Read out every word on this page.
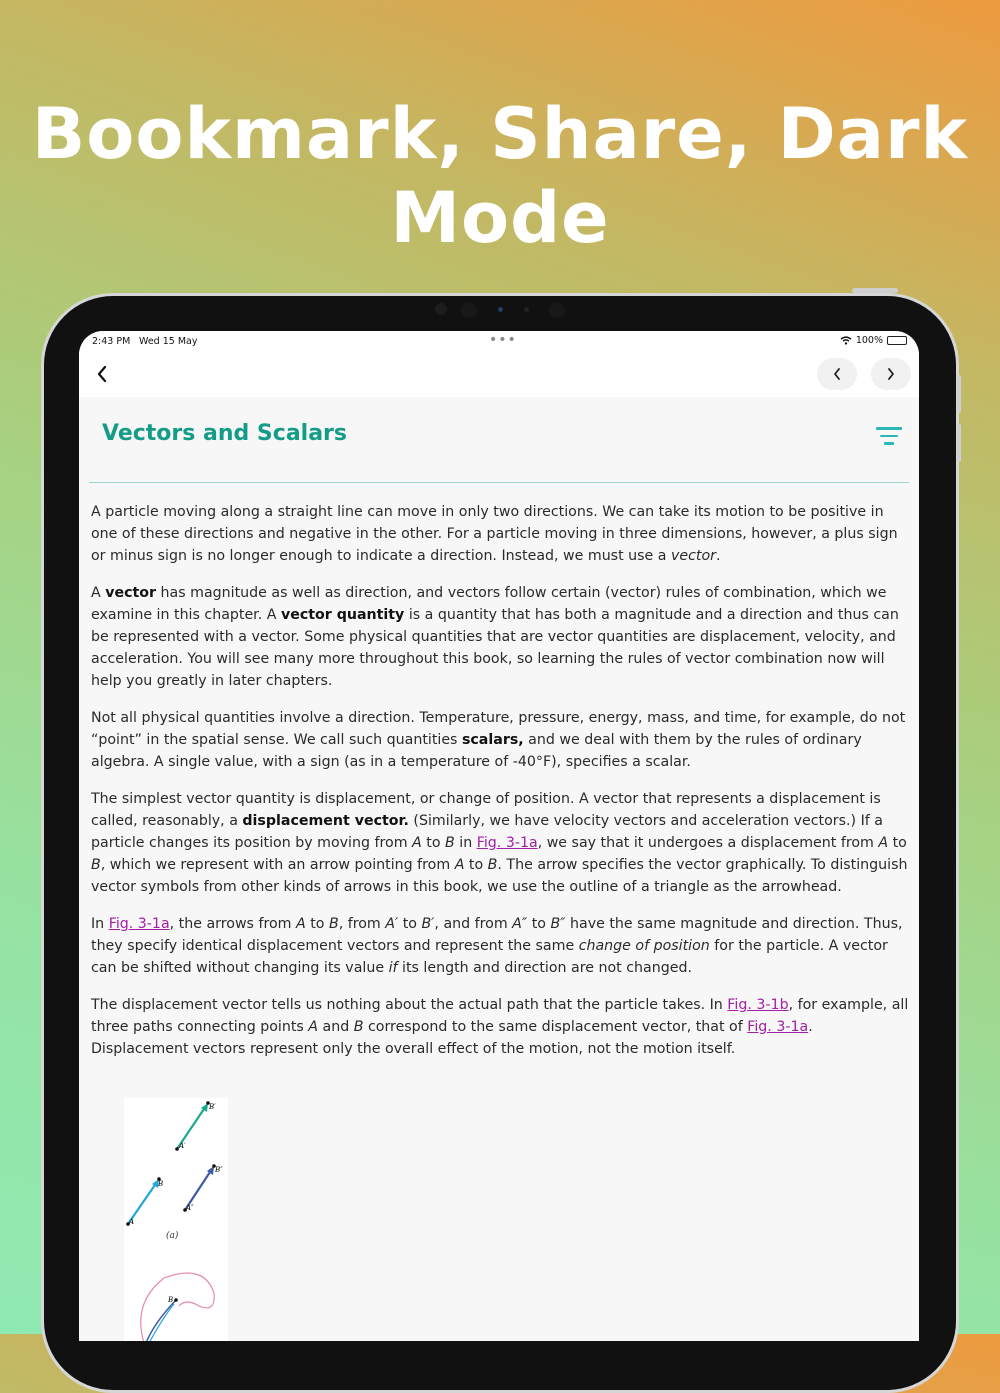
Bookmark, Share, Dark
Mode
2:43 PM Wed 15 May	•••	100%
Vectors and Scalars

A particle moving along a straight line can move in only two directions. We can take its motion to be positive in one of these directions and negative in the other. For a particle moving in three dimensions, however, a plus sign or minus sign is no longer enough to indicate a direction. Instead, we must use a vector.

A vector has magnitude as well as direction, and vectors follow certain (vector) rules of combination, which we examine in this chapter. A vector quantity is a quantity that has both a magnitude and a direction and thus can be represented with a vector. Some physical quantities that are vector quantities are displacement, velocity, and acceleration. You will see many more throughout this book, so learning the rules of vector combination now will help you greatly in later chapters.

Not all physical quantities involve a direction. Temperature, pressure, energy, mass, and time, for example, do not “point” in the spatial sense. We call such quantities scalars, and we deal with them by the rules of ordinary algebra. A single value, with a sign (as in a temperature of -40°F), specifies a scalar.

The simplest vector quantity is displacement, or change of position. A vector that represents a displacement is called, reasonably, a displacement vector. (Similarly, we have velocity vectors and acceleration vectors.) If a particle changes its position by moving from A to B in Fig. 3-1a, we say that it undergoes a displacement from A to B, which we represent with an arrow pointing from A to B. The arrow specifies the vector graphically. To distinguish vector symbols from other kinds of arrows in this book, we use the outline of a triangle as the arrowhead.

In Fig. 3-1a, the arrows from A to B, from A′ to B′, and from A″ to B″ have the same magnitude and direction. Thus, they specify identical displacement vectors and represent the same change of position for the particle. A vector can be shifted without changing its value if its length and direction are not changed.

The displacement vector tells us nothing about the actual path that the particle takes. In Fig. 3-1b, for example, all three paths connecting points A and B correspond to the same displacement vector, that of Fig. 3-1a. Displacement vectors represent only the overall effect of the motion, not the motion itself.

B′
A′
B
A
B″
A″
(a)
B
